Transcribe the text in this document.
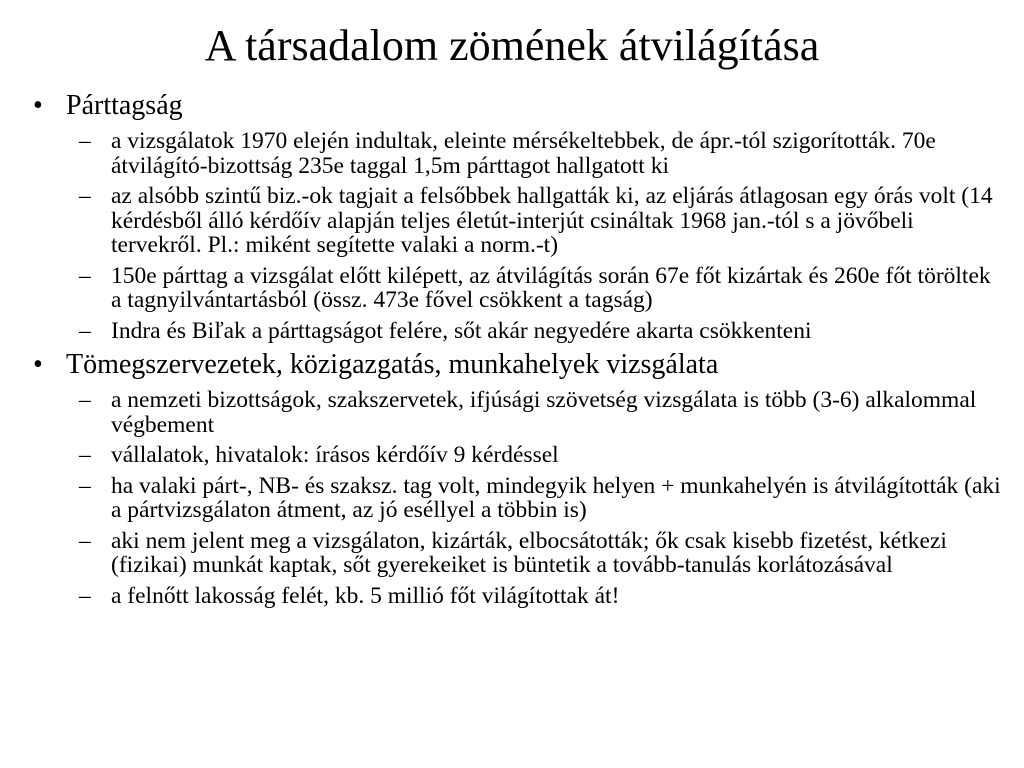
A társadalom zömének átvilágítása
• Párttagság
– a vizsgálatok 1970 elején indultak, eleinte mérsékeltebbek, de ápr.-tól szigorították. 70e átvilágító-bizottság 235e taggal 1,5m párttagot hallgatott ki
– az alsóbb szintű biz.-ok tagjait a felsőbbek hallgatták ki, az eljárás átlagosan egy órás volt (14 kérdésből álló kérdőív alapján teljes életút-interjút csináltak 1968 jan.-tól s a jövőbeli tervekről. Pl.: miként segítette valaki a norm.-t)
– 150e párttag a vizsgálat előtt kilépett, az átvilágítás során 67e főt kizártak és 260e főt töröltek a tagnyilvántartásból (össz. 473e fővel csökkent a tagság)
– Indra és Biľak a párttagságot felére, sőt akár negyedére akarta csökkenteni
• Tömegszervezetek, közigazgatás, munkahelyek vizsgálata
– a nemzeti bizottságok, szakszervetek, ifjúsági szövetség vizsgálata is több (3-6) alkalommal végbement
– vállalatok, hivatalok: írásos kérdőív 9 kérdéssel
– ha valaki párt-, NB- és szaksz. tag volt, mindegyik helyen + munkahelyén is átvilágították (aki a pártvizsgálaton átment, az jó eséllyel a többin is)
– aki nem jelent meg a vizsgálaton, kizárták, elbocsátották; ők csak kisebb fizetést, kétkezi (fizikai) munkát kaptak, sőt gyerekeiket is büntetik a tovább-tanulás korlátozásával
– a felnőtt lakosság felét, kb. 5 millió főt világítottak át!
